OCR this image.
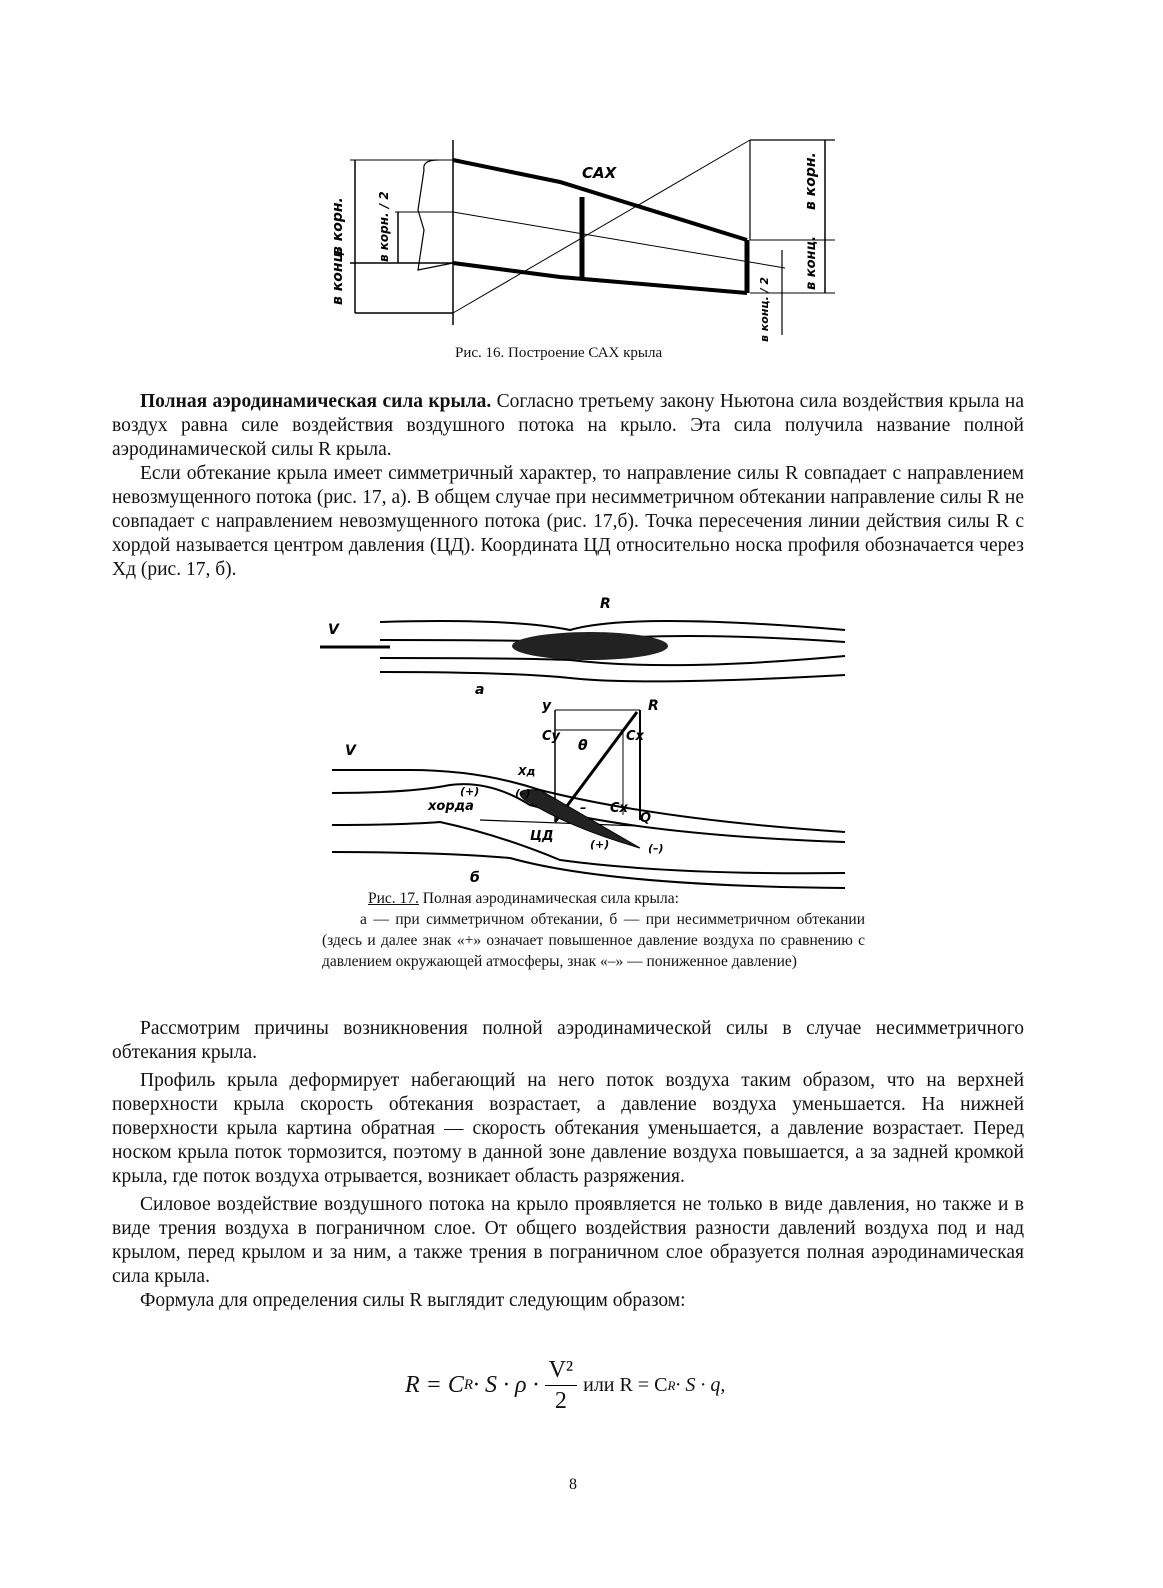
САХ
в конц.
в корн.	в корн. / 2
в корн.
в конц.
в конц. / 2
Рис. 16. Построение САХ крыла

Полная аэродинамическая сила крыла. Согласно третьему закону Ньютона сила воздействия крыла на воздух равна силе воздействия воздушного потока на крыло. Эта сила получила название полной аэродинамической силы R крыла.

Если обтекание крыла имеет симметричный характер, то направление силы R совпадает с направлением невозмущенного потока (рис. 17, а). В общем случае при несимметричном обтекании направление силы R не совпадает с направлением невозмущенного потока (рис. 17,б). Точка пересечения линии действия силы R с хордой называется центром давления (ЦД). Координата ЦД относительно носка профиля обозначается через Xд (рис. 17, б).

V
R
а
V
y	R
Cy
θ
Cx
Xд
(+)	(–)
хорда	Cx
Q
–
ЦД
(+)	(–)
б
Рис. 17. Полная аэродинамическая сила крыла:
а — при симметричном обтекании, б — при несимметричном обтекании (здесь и далее знак «+» означает повышенное давление воздуха по сравнению с давлением окружающей атмосферы, знак «–» — пониженное давление)

Рассмотрим причины возникновения полной аэродинамической силы в случае несимметричного обтекания крыла.

Профиль крыла деформирует набегающий на него поток воздуха таким образом, что на верхней поверхности крыла скорость обтекания возрастает, а давление воздуха уменьшается. На нижней поверхности крыла картина обратная — скорость обтекания уменьшается, а давление возрастает. Перед носком крыла поток тормозится, поэтому в данной зоне давление воздуха повышается, а за задней кромкой крыла, где поток воздуха отрывается, возникает область разряжения.

Силовое воздействие воздушного потока на крыло проявляется не только в виде давления, но также и в виде трения воздуха в пограничном слое. От общего воздействия разности давлений воздуха под и над крылом, перед крылом и за ним, а также трения в пограничном слое образуется полная аэродинамическая сила крыла.

Формула для определения силы R выглядит следующим образом:

R = C $R \cdot S \cdot \rho \cdot \frac{\text{V²}}{2}$ или R = C R · S · q,
8
